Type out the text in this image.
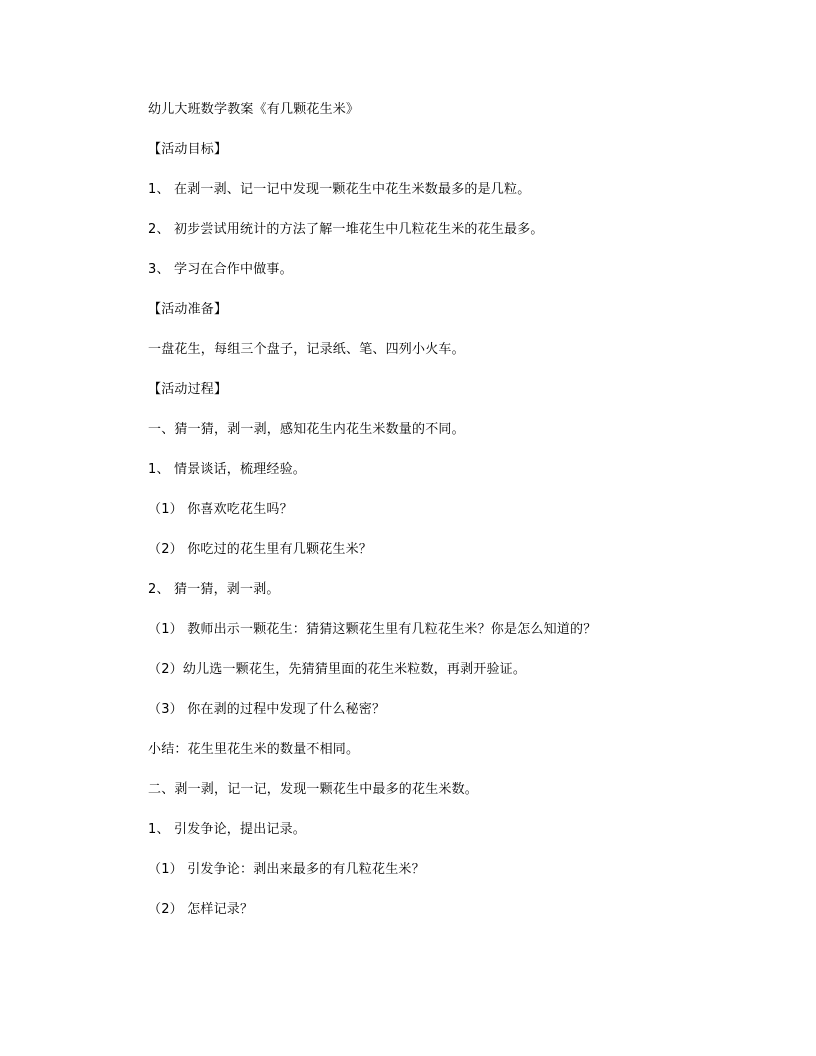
幼儿大班数学教案《有几颗花生米》
【活动目标】
1、 在剥一剥、记一记中发现一颗花生中花生米数最多的是几粒。
2、 初步尝试用统计的方法了解一堆花生中几粒花生米的花生最多。
3、 学习在合作中做事。
【活动准备】
一盘花生，每组三个盘子，记录纸、笔、四列小火车。
【活动过程】
一、猜一猜，剥一剥，感知花生内花生米数量的不同。
1、 情景谈话，梳理经验。
（1） 你喜欢吃花生吗？
（2） 你吃过的花生里有几颗花生米？
2、 猜一猜，剥一剥。
（1） 教师出示一颗花生：猜猜这颗花生里有几粒花生米？你是怎么知道的？
（2）幼儿选一颗花生，先猜猜里面的花生米粒数，再剥开验证。
（3） 你在剥的过程中发现了什么秘密？
小结：花生里花生米的数量不相同。
二、剥一剥，记一记，发现一颗花生中最多的花生米数。
1、 引发争论，提出记录。
（1） 引发争论：剥出来最多的有几粒花生米？
（2） 怎样记录？
